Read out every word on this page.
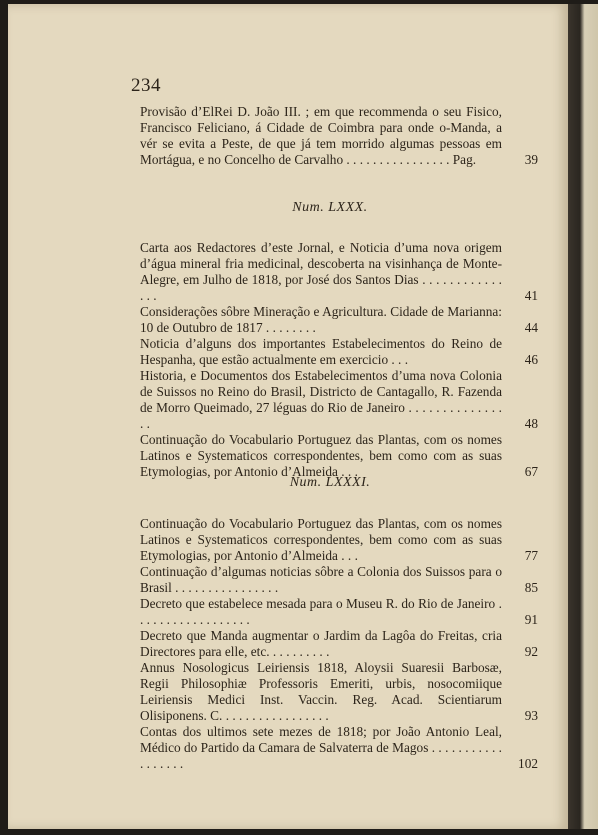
234
Provisão d’ElRei D. João III. ; em que recommenda o seu Fisico, Francisco Feliciano, á Cidade de Coimbra para onde o-Manda, a vér se evita a Peste, de que já tem morrido algumas pessoas em Mortágua, e no Concelho de Carvalho . . . . . . . . . . . . . . . . Pag.	39
Num. LXXX.
Carta aos Redactores d’este Jornal, e Noticia d’uma nova origem d’água mineral fria medicinal, descoberta na visinhança de Monte-Alegre, em Julho de 1818, por José dos Santos Dias . . . . . . . . . . . . . . .	41
Considerações sôbre Mineração e Agricultura. Cidade de Marianna: 10 de Outubro de 1817 . . . . . . . .	44
Noticia d’alguns dos importantes Estabelecimentos do Reino de Hespanha, que estão actualmente em exercicio . . .	46
Historia, e Documentos dos Estabelecimentos d’uma nova Colonia de Suissos no Reino do Brasil, Districto de Cantagallo, R. Fazenda de Morro Queimado, 27 léguas do Rio de Janeiro . . . . . . . . . . . . . . . .	48
Continuação do Vocabulario Portuguez das Plantas, com os nomes Latinos e Systematicos correspondentes, bem como com as suas Etymologias, por Antonio d’Almeida . . .	67
Num. LXXXI.
Continuação do Vocabulario Portuguez das Plantas, com os nomes Latinos e Systematicos correspondentes, bem como com as suas Etymologias, por Antonio d’Almeida . . .	77
Continuação d’algumas noticias sôbre a Colonia dos Suissos para o Brasil . . . . . . . . . . . . . . . .	85
Decreto que estabelece mesada para o Museu R. do Rio de Janeiro . . . . . . . . . . . . . . . . . .	91
Decreto que Manda augmentar o Jardim da Lagôa do Freitas, cria Directores para elle, etc. . . . . . . . . .	92
Annus Nosologicus Leiriensis 1818, Aloysii Suaresii Barbosæ, Regii Philosophiæ Professoris Emeriti, urbis, nosocomiique Leiriensis Medici Inst. Vaccin. Reg. Acad. Scientiarum Olisiponens. C. . . . . . . . . . . . . . . . .	93
Contas dos ultimos sete mezes de 1818; por João Antonio Leal, Médico do Partido da Camara de Salvaterra de Magos . . . . . . . . . . . . . . . . . .	102
